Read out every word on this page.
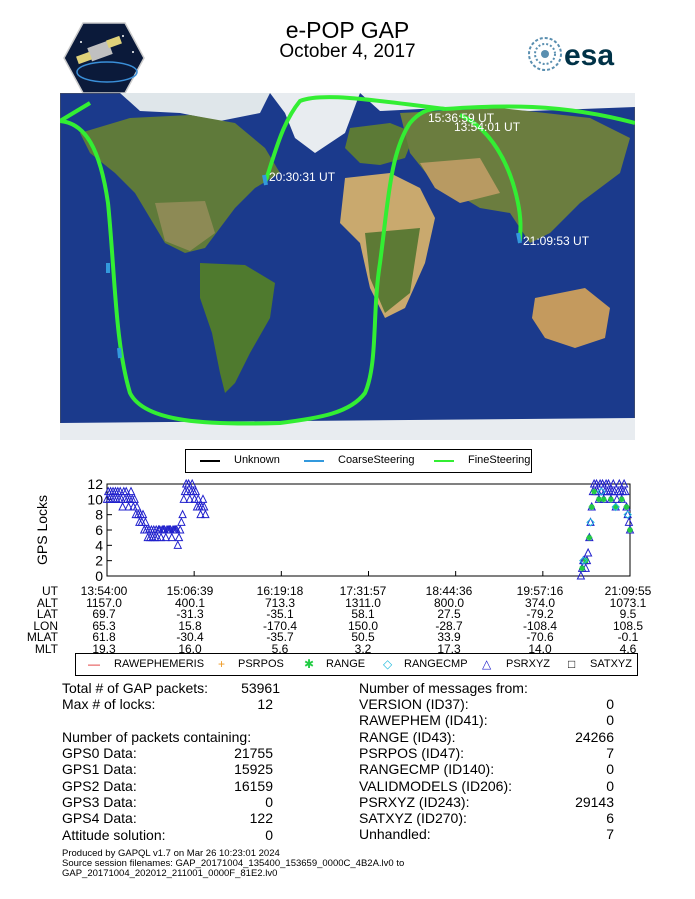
e-POP GAP
October 4, 2017	esa
15:36:59 UT
13:54:01 UT
20:30:31 UT
21:09:53 UT
Unknown	CoarseSteering	FineSteering
GPS Locks
0
2
4
6
8
10
12
UT 13:54:00	15:06:39	16:19:18	17:31:57	18:44:36	19:57:16	21:09:55
ALT 1157.0	400.1	713.3	1311.0	800.0	374.0	1073.1
LAT	69.7	-31.3	-35.1	58.1	27.5	-79.2	9.5
LON	65.3	15.8	-170.4	150.0	-28.7	-108.4	108.5
MLAT	61.8	-30.4	-35.7	50.5	33.9	-70.6	-0.1
MLT	19.3	16.0	5.6	3.2	17.3	14.0	4.6
— RAWEPHEMERIS + PSRPOS ✱ RANGE ◇ RANGECMP △ PSRXYZ □ SATXYZ
Total # of GAP packets:	53961
Max # of locks:	12
Number of packets containing:
GPS0 Data:	21755
GPS1 Data:	15925
GPS2 Data:	16159
GPS3 Data:	0
GPS4 Data:	122
Attitude solution:	0
Number of messages from:
VERSION (ID37):	0
RAWEPHEM (ID41):	0
RANGE (ID43):	24266
PSRPOS (ID47):	7
RANGECMP (ID140):	0
VALIDMODELS (ID206):	0
PSRXYZ (ID243):	29143
SATXYZ (ID270):	6
Unhandled:	7
Produced by GAPQL v1.7 on Mar 26 10:23:01 2024
Source session filenames: GAP_20171004_135400_153659_0000C_4B2A.lv0 to
GAP_20171004_202012_211001_0000F_81E2.lv0
